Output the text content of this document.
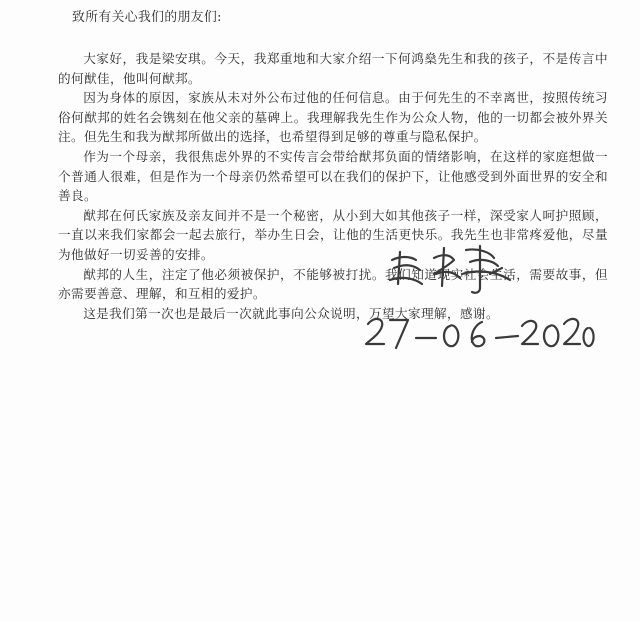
致所有关心我们的朋友们:

大家好，我是梁安琪。今天，我郑重地和大家介绍一下何鸿燊先生和我的孩子，不是传言中的何猷佳，他叫何猷邦。

因为身体的原因，家族从未对外公布过他的任何信息。由于何先生的不幸离世，按照传统习俗何猷邦的姓名会镌刻在他父亲的墓碑上。我理解我先生作为公众人物，他的一切都会被外界关注。但先生和我为猷邦所做出的选择，也希望得到足够的尊重与隐私保护。

作为一个母亲，我很焦虑外界的不实传言会带给猷邦负面的情绪影响，在这样的家庭想做一个普通人很难，但是作为一个母亲仍然希望可以在我们的保护下，让他感受到外面世界的安全和善良。

猷邦在何氏家族及亲友间并不是一个秘密，从小到大如其他孩子一样，深受家人呵护照顾，一直以来我们家都会一起去旅行，举办生日会，让他的生活更快乐。我先生也非常疼爱他，尽量为他做好一切妥善的安排。

猷邦的人生，注定了他必须被保护，不能够被打扰。我们知道现实社会生活，需要故事，但亦需要善意、理解，和互相的爱护。

这是我们第一次也是最后一次就此事向公众说明，万望大家理解，感谢。
